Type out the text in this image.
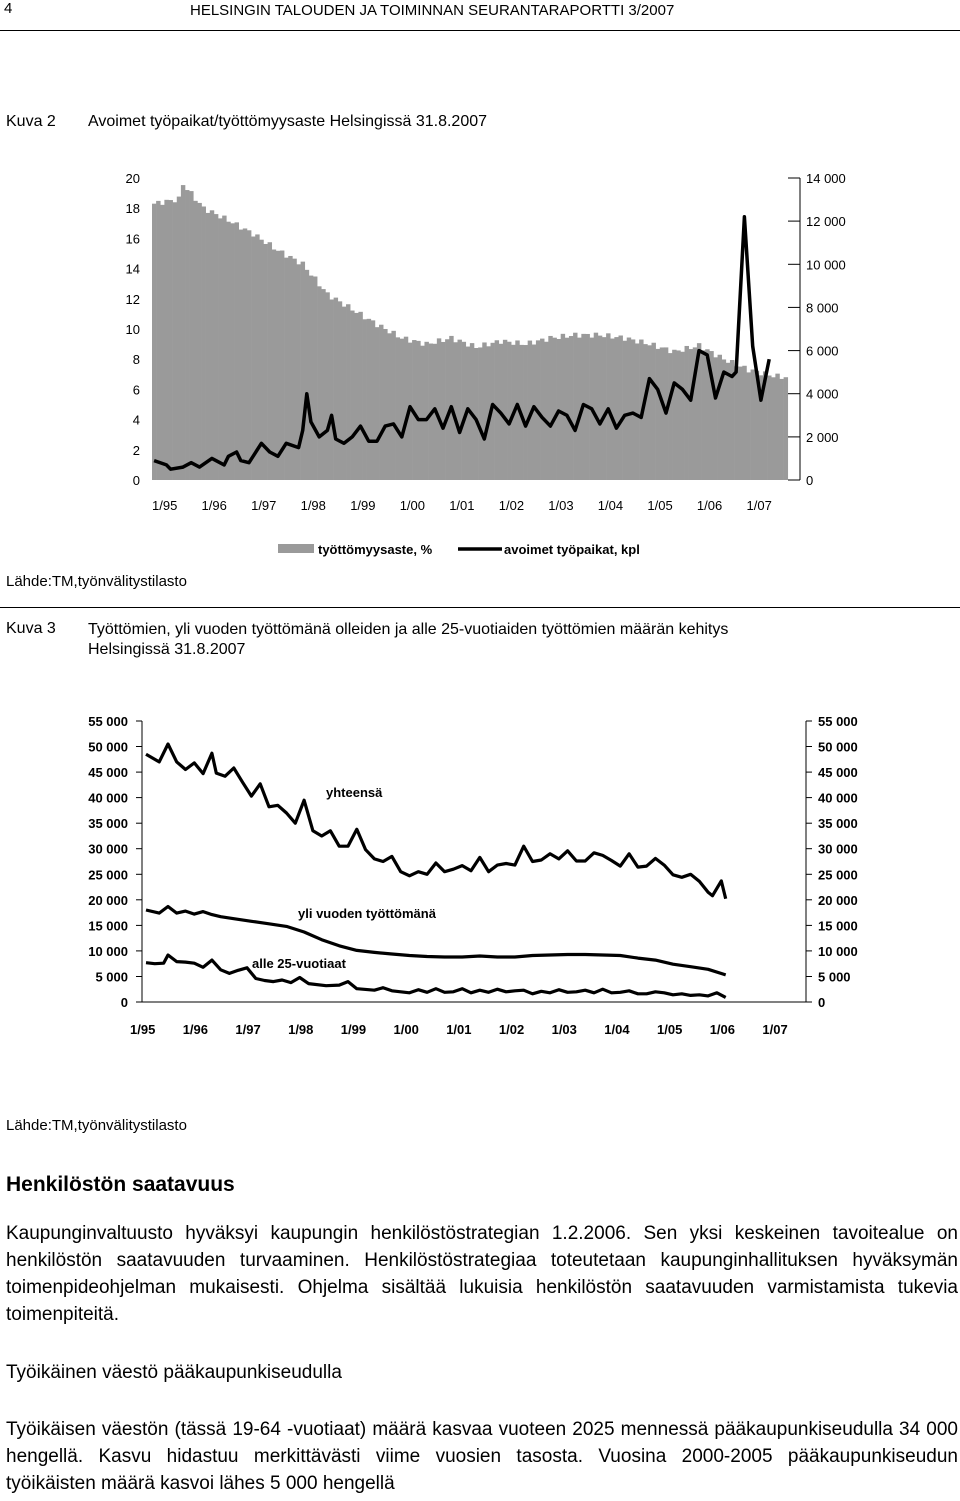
4	HELSINGIN TALOUDEN JA TOIMINNAN SEURANTARAPORTTI 3/2007
Kuva 2 Avoimet työpaikat/työttömyysaste Helsingissä 31.8.2007
0
2
4
6
8
10
12
14
16
18
20
0
2 000
4 000
6 000
8 000
10 000
12 000
14 000
1/95 1/96 1/97 1/98 1/99 1/00 1/01 1/02 1/03 1/04 1/05 1/06 1/07
työttömyysaste, %	avoimet työpaikat, kpl
Lähde:TM,työnvälitystilasto
Kuva 3 Työttömien, yli vuoden työttömänä olleiden ja alle 25-vuotiaiden työttömien määrän kehitys Helsingissä 31.8.2007
0	0
5 000	5 000
10 000	10 000
15 000	15 000
20 000	20 000
25 000	25 000
30 000	30 000
35 000	35 000
40 000	40 000
45 000	45 000
50 000	50 000
55 000	55 000
1/95 1/96 1/97 1/98 1/99 1/00 1/01 1/02 1/03 1/04 1/05 1/06 1/07
yhteensä
yli vuoden työttömänä
alle 25-vuotiaat
Lähde:TM,työnvälitystilasto
Henkilöstön saatavuus
Kaupunginvaltuusto hyväksyi kaupungin henkilöstöstrategian 1.2.2006. Sen yksi keskeinen tavoitealue on henkilöstön saatavuuden turvaaminen. Henkilöstöstrategiaa toteutetaan kaupunginhallituksen hyväksymän toimenpideohjelman mukaisesti. Ohjelma sisältää lukuisia henkilöstön saatavuuden varmistamista tukevia toimenpiteitä.
Työikäinen väestö pääkaupunkiseudulla
Työikäisen väestön (tässä 19-64 -vuotiaat) määrä kasvaa vuoteen 2025 mennessä pääkaupunkiseudulla 34 000 hengellä. Kasvu hidastuu merkittävästi viime vuosien tasosta. Vuosina 2000-2005 pääkaupunkiseudun työikäisten määrä kasvoi lähes 5 000 hengellä
